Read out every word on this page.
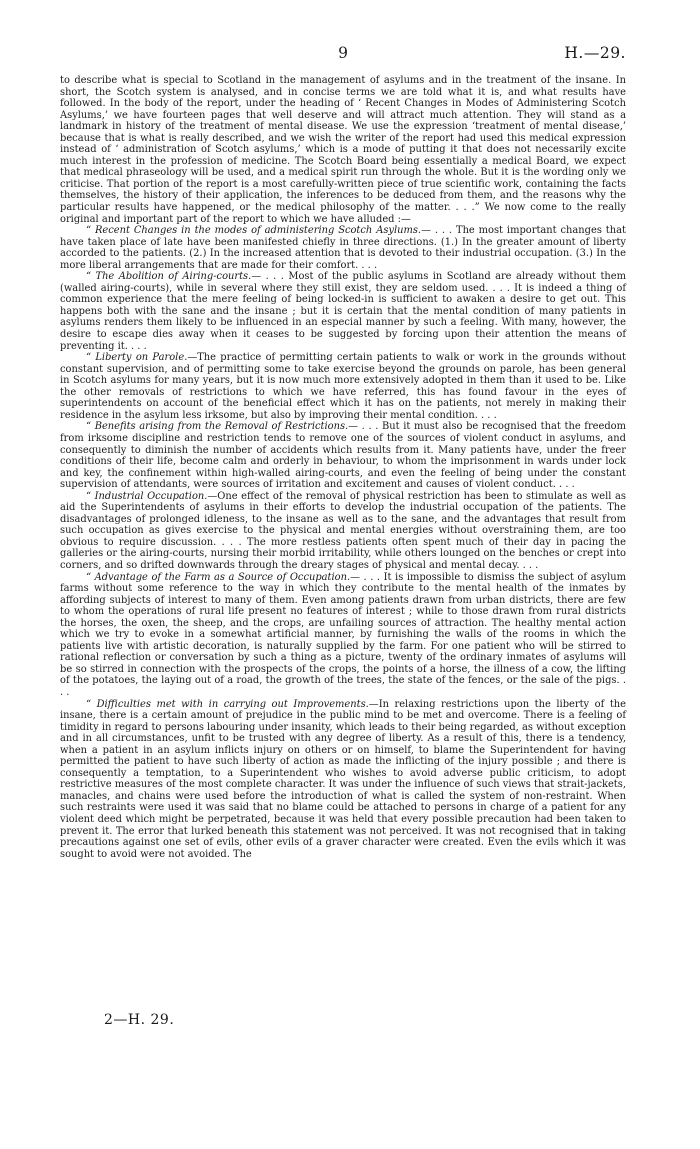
9	H.—29.

to describe what is special to Scotland in the management of asylums and in the treatment of the insane. In short, the Scotch system is analysed, and in concise terms we are told what it is, and what results have followed. In the body of the report, under the heading of ‘ Recent Changes in Modes of Administering Scotch Asylums,’ we have fourteen pages that well deserve and will attract much attention. They will stand as a landmark in history of the treatment of mental disease. We use the expression ‘treatment of mental disease,’ because that is what is really described, and we wish the writer of the report had used this medical expression instead of ‘ administration of Scotch asylums,’ which is a mode of putting it that does not necessarily excite much interest in the profession of medicine. The Scotch Board being essentially a medical Board, we expect that medical phraseology will be used, and a medical spirit run through the whole. But it is the wording only we criticise. That portion of the report is a most carefully-written piece of true scientific work, containing the facts themselves, the history of their application, the inferences to be deduced from them, and the reasons why the particular results have happened, or the medical philosophy of the matter. . . .” We now come to the really original and important part of the report to which we have alluded :—

“ Recent Changes in the modes of administering Scotch Asylums.— . . . The most important changes that have taken place of late have been manifested chiefly in three directions. (1.) In the greater amount of liberty accorded to the patients. (2.) In the increased attention that is devoted to their industrial occupation. (3.) In the more liberal arrangements that are made for their comfort. . . .

“ The Abolition of Airing-courts.— . . . Most of the public asylums in Scotland are already without them (walled airing-courts), while in several where they still exist, they are seldom used. . . . It is indeed a thing of common experience that the mere feeling of being locked-in is sufficient to awaken a desire to get out. This happens both with the sane and the insane ; but it is certain that the mental condition of many patients in asylums renders them likely to be influenced in an especial manner by such a feeling. With many, however, the desire to escape dies away when it ceases to be suggested by forcing upon their attention the means of preventing it. . . .

“ Liberty on Parole.—The practice of permitting certain patients to walk or work in the grounds without constant supervision, and of permitting some to take exercise beyond the grounds on parole, has been general in Scotch asylums for many years, but it is now much more extensively adopted in them than it used to be. Like the other removals of restrictions to which we have referred, this has found favour in the eyes of superintendents on account of the beneficial effect which it has on the patients, not merely in making their residence in the asylum less irksome, but also by improving their mental condition. . . .

“ Benefits arising from the Removal of Restrictions.— . . . But it must also be recognised that the freedom from irksome discipline and restriction tends to remove one of the sources of violent conduct in asylums, and consequently to diminish the number of accidents which results from it. Many patients have, under the freer conditions of their life, become calm and orderly in behaviour, to whom the imprisonment in wards under lock and key, the confinement within high-walled airing-courts, and even the feeling of being under the constant supervision of attendants, were sources of irritation and excitement and causes of violent conduct. . . .

“ Industrial Occupation.—One effect of the removal of physical restriction has been to stimulate as well as aid the Superintendents of asylums in their efforts to develop the industrial occupation of the patients. The disadvantages of prolonged idleness, to the insane as well as to the sane, and the advantages that result from such occupation as gives exercise to the physical and mental energies without overstraining them, are too obvious to require discussion. . . . The more restless patients often spent much of their day in pacing the galleries or the airing-courts, nursing their morbid irritability, while others lounged on the benches or crept into corners, and so drifted downwards through the dreary stages of physical and mental decay. . . .

“ Advantage of the Farm as a Source of Occupation.— . . . It is impossible to dismiss the subject of asylum farms without some reference to the way in which they contribute to the mental health of the inmates by affording subjects of interest to many of them. Even among patients drawn from urban districts, there are few to whom the operations of rural life present no features of interest ; while to those drawn from rural districts the horses, the oxen, the sheep, and the crops, are unfailing sources of attraction. The healthy mental action which we try to evoke in a somewhat artificial manner, by furnishing the walls of the rooms in which the patients live with artistic decoration, is naturally supplied by the farm. For one patient who will be stirred to rational reflection or conversation by such a thing as a picture, twenty of the ordinary inmates of asylums will be so stirred in connection with the prospects of the crops, the points of a horse, the illness of a cow, the lifting of the potatoes, the laying out of a road, the growth of the trees, the state of the fences, or the sale of the pigs. . . .

“ Difficulties met with in carrying out Improvements.—In relaxing restrictions upon the liberty of the insane, there is a certain amount of prejudice in the public mind to be met and overcome. There is a feeling of timidity in regard to persons labouring under insanity, which leads to their being regarded, as without exception and in all circumstances, unfit to be trusted with any degree of liberty. As a result of this, there is a tendency, when a patient in an asylum inflicts injury on others or on himself, to blame the Superintendent for having permitted the patient to have such liberty of action as made the inflicting of the injury possible ; and there is consequently a temptation, to a Superintendent who wishes to avoid adverse public criticism, to adopt restrictive measures of the most complete character. It was under the influence of such views that strait-jackets, manacles, and chains were used before the introduction of what is called the system of non-restraint. When such restraints were used it was said that no blame could be attached to persons in charge of a patient for any violent deed which might be perpetrated, because it was held that every possible precaution had been taken to prevent it. The error that lurked beneath this statement was not perceived. It was not recognised that in taking precautions against one set of evils, other evils of a graver character were created. Even the evils which it was sought to avoid were not avoided. The

2—H. 29.
